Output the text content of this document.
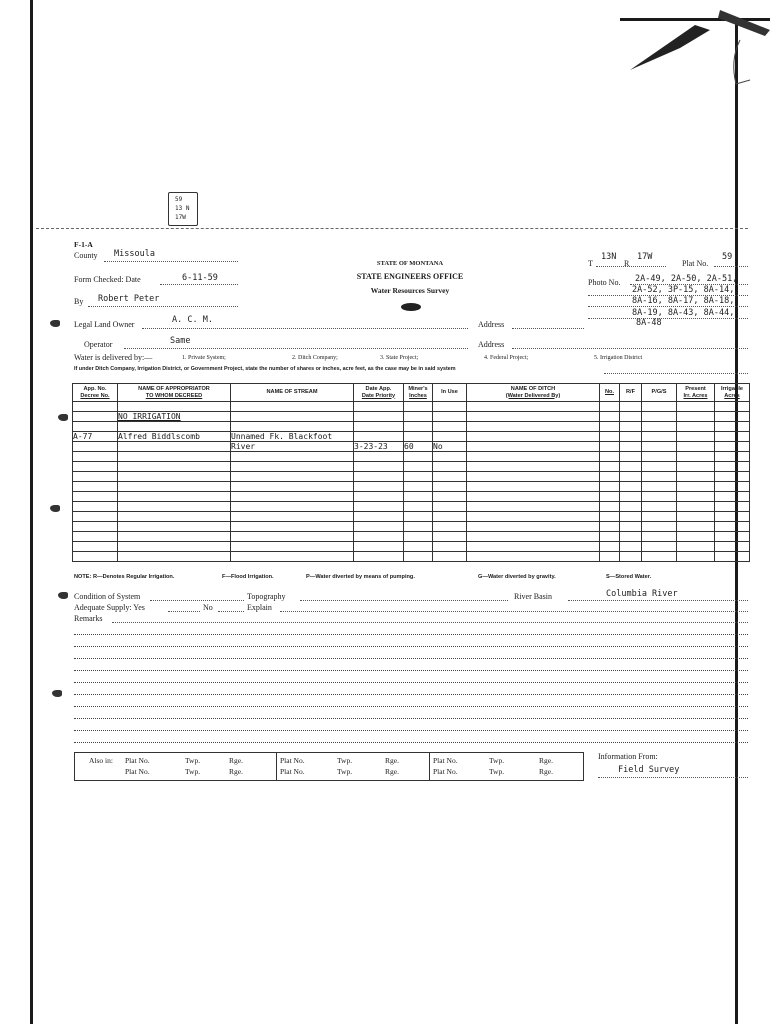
59
13 N
17W
F-1-A
County Missoula
Form Checked: Date	6-11-59
By Robert Peter
STATE OF MONTANA
STATE ENGINEERS OFFICE
Water Resources Survey
T
13N
R
17W
Plat No.
59
Photo No. 2A-49, 2A-50, 2A-51,
2A-52, 3P-15, 8A-14,
8A-16, 8A-17, 8A-18,
8A-19, 8A-43, 8A-44,
8A-48
Legal Land Owner	A. C. M.	Address
Operator	Same	Address
Water is delivered by:—	1. Private System;	2. Ditch Company;	3. State Project;	4. Federal Project;	5. Irrigation District
If under Ditch Company, Irrigation District, or Government Project, state the number of shares or inches, acre feet, as the case may be in said system
App. No.
Decree No.	NAME OF APPROPRIATOR
TO WHOM DECREED	NAME OF STREAM	Date App.
Date Priority	Miner's
Inches	In Use	NAME OF DITCH
(Water Delivered By)	No.	R/F	P/G/S	Present
Irr. Acres	Irrigable
Acres

	NO IRRIGATION										

A-77	Alfred Biddlscomb	Unnamed Fk. Blackfoot									
		River	3-23-23	60	No						

NOTE: R—Denotes Regular Irrigation.	F—Flood Irrigation.	P—Water diverted by means of pumping.	G—Water diverted by gravity.	S—Stored Water.
Condition of System	Topography	River Basin	Columbia River
Adequate Supply: Yes	No	Explain
Remarks
Also in: Plat No.	Twp.	Rge.
Plat No.	Twp.	Rge.
Plat No.	Twp.	Rge.
Plat No.	Twp.	Rge.
Plat No.	Twp.	Rge.
Plat No.	Twp.	Rge.
Information From:
Field Survey
